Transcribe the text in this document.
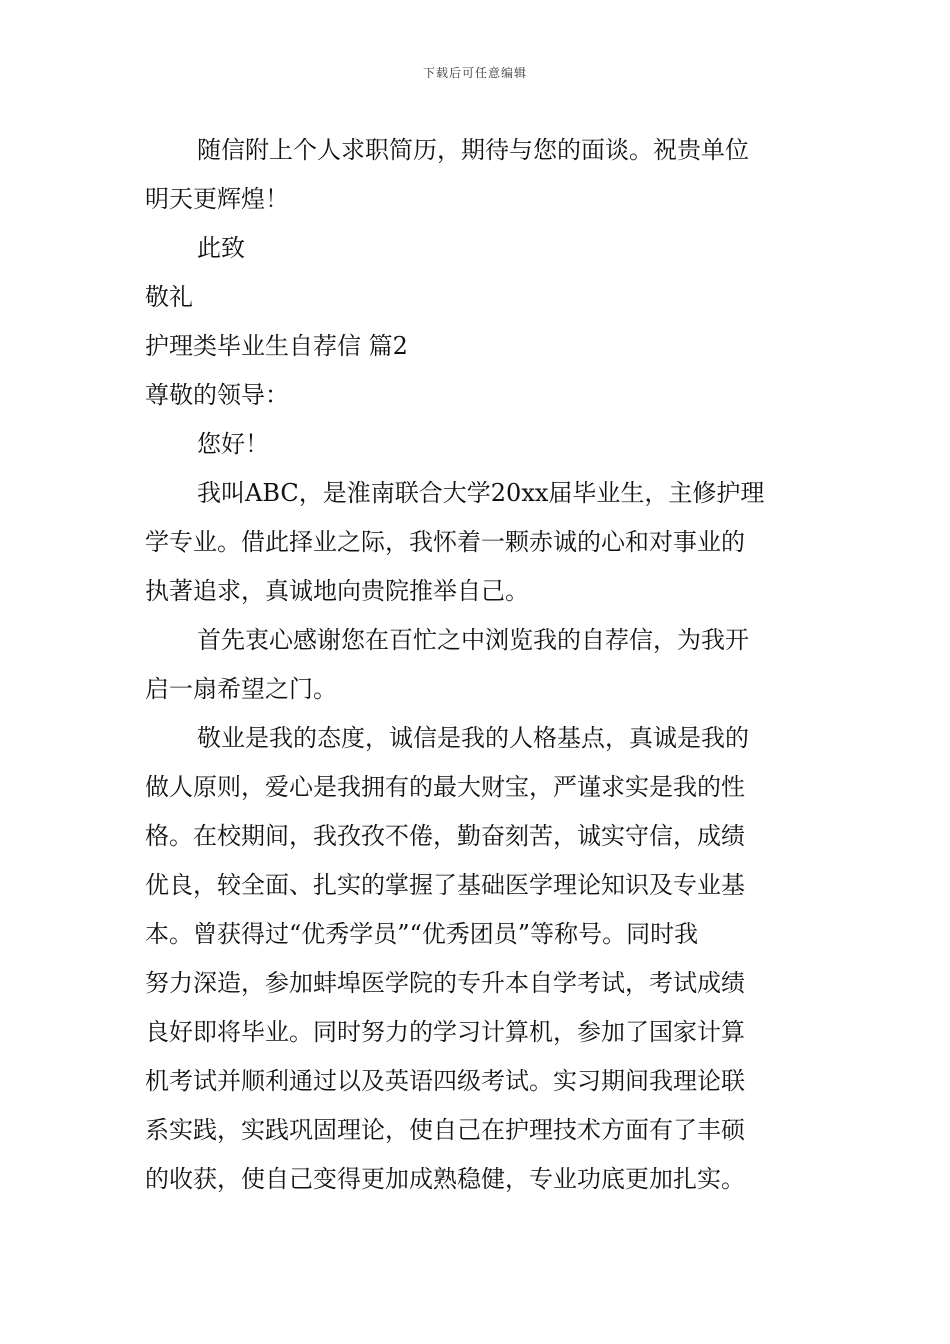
下载后可任意编辑
随信附上个人求职简历，期待与您的面谈。祝贵单位
明天更辉煌！
此致
敬礼
护理类毕业生自荐信 篇2
尊敬的领导：
您好！
我叫ABC，是淮南联合大学20xx届毕业生，主修护理
学专业。借此择业之际，我怀着一颗赤诚的心和对事业的
执著追求，真诚地向贵院推举自己。
首先衷心感谢您在百忙之中浏览我的自荐信，为我开
启一扇希望之门。
敬业是我的态度，诚信是我的人格基点，真诚是我的
做人原则，爱心是我拥有的最大财宝，严谨求实是我的性
格。在校期间，我孜孜不倦，勤奋刻苦，诚实守信，成绩
优良，较全面、扎实的掌握了基础医学理论知识及专业基
本。曾获得过“优秀学员”“优秀团员”等称号。同时我
努力深造，参加蚌埠医学院的专升本自学考试，考试成绩
良好即将毕业。同时努力的学习计算机，参加了国家计算
机考试并顺利通过以及英语四级考试。实习期间我理论联
系实践，实践巩固理论，使自己在护理技术方面有了丰硕
的收获，使自己变得更加成熟稳健，专业功底更加扎实。
